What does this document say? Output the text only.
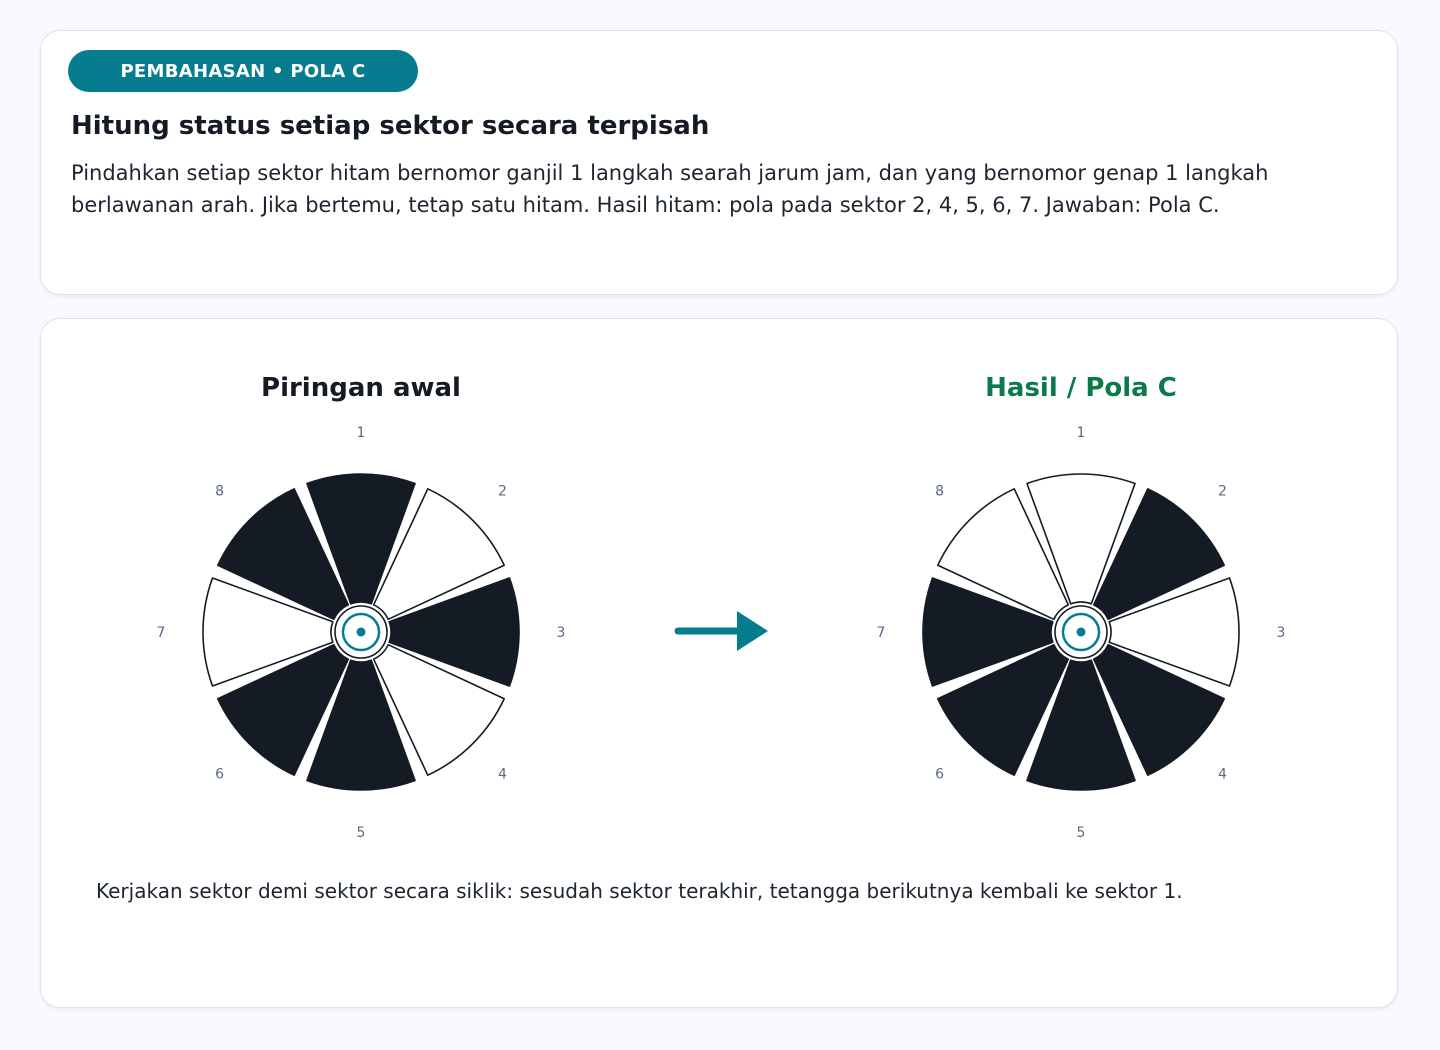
PEMBAHASAN • POLA C
Hitung status setiap sektor secara terpisah

Pindahkan setiap sektor hitam bernomor ganjil 1 langkah searah jarum jam, dan yang bernomor genap 1 langkah berlawanan arah. Jika bertemu, tetap satu hitam. Hasil hitam: pola pada sektor 2, 4, 5, 6, 7. Jawaban: Pola C.

Piringan awal
1
2
3
4
5
6
7
8
Hasil / Pola C
1
2
3
4
5
6
7
8

Kerjakan sektor demi sektor secara siklik: sesudah sektor terakhir, tetangga berikutnya kembali ke sektor 1.
